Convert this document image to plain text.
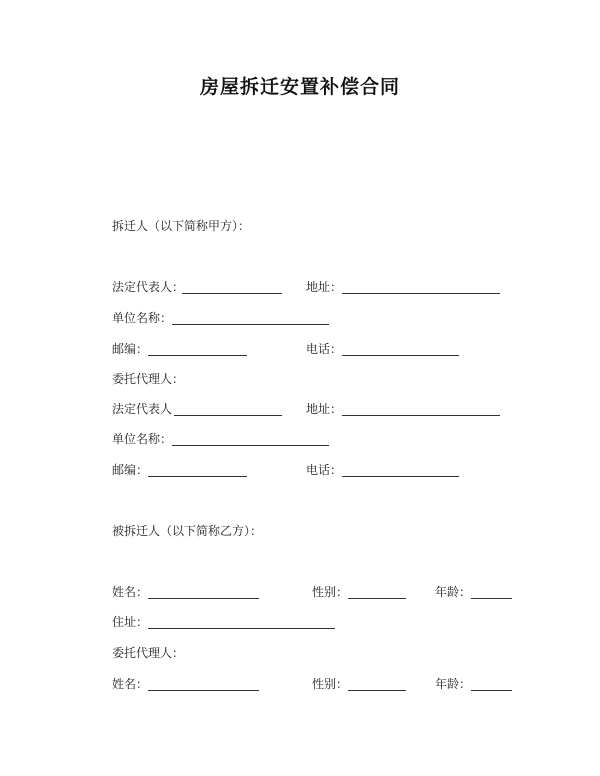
房屋拆迁安置补偿合同
拆迁人（以下简称甲方）：
法定代表人：	地址：
单位名称：
邮编：	电话：
委托代理人：
法定代表人	地址：
单位名称：
邮编：	电话：
被拆迁人（以下简称乙方）：
姓名：	性别：	年龄：
住址：
委托代理人：
姓名：	性别：	年龄：
